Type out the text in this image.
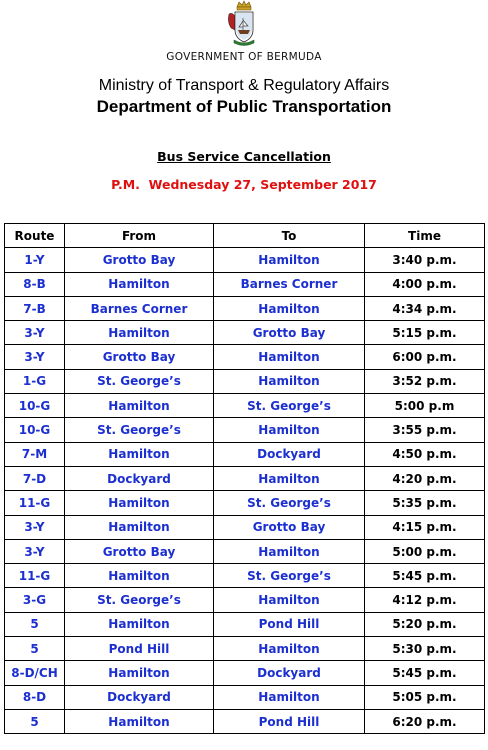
GOVERNMENT OF BERMUDA
Ministry of Transport & Regulatory Affairs
Department of Public Transportation
Bus Service Cancellation
P.M.  Wednesday 27, September 2017
Route	From	To	Time
1-Y	Grotto Bay	Hamilton	3:40 p.m.
8-B	Hamilton	Barnes Corner	4:00 p.m.
7-B	Barnes Corner	Hamilton	4:34 p.m.
3-Y	Hamilton	Grotto Bay	5:15 p.m.
3-Y	Grotto Bay	Hamilton	6:00 p.m.
1-G	St. George’s	Hamilton	3:52 p.m.
10-G	Hamilton	St. George’s	5:00 p.m
10-G	St. George’s	Hamilton	3:55 p.m.
7-M	Hamilton	Dockyard	4:50 p.m.
7-D	Dockyard	Hamilton	4:20 p.m.
11-G	Hamilton	St. George’s	5:35 p.m.
3-Y	Hamilton	Grotto Bay	4:15 p.m.
3-Y	Grotto Bay	Hamilton	5:00 p.m.
11-G	Hamilton	St. George’s	5:45 p.m.
3-G	St. George’s	Hamilton	4:12 p.m.
5	Hamilton	Pond Hill	5:20 p.m.
5	Pond Hill	Hamilton	5:30 p.m.
8-D/CH	Hamilton	Dockyard	5:45 p.m.
8-D	Dockyard	Hamilton	5:05 p.m.
5	Hamilton	Pond Hill	6:20 p.m.
